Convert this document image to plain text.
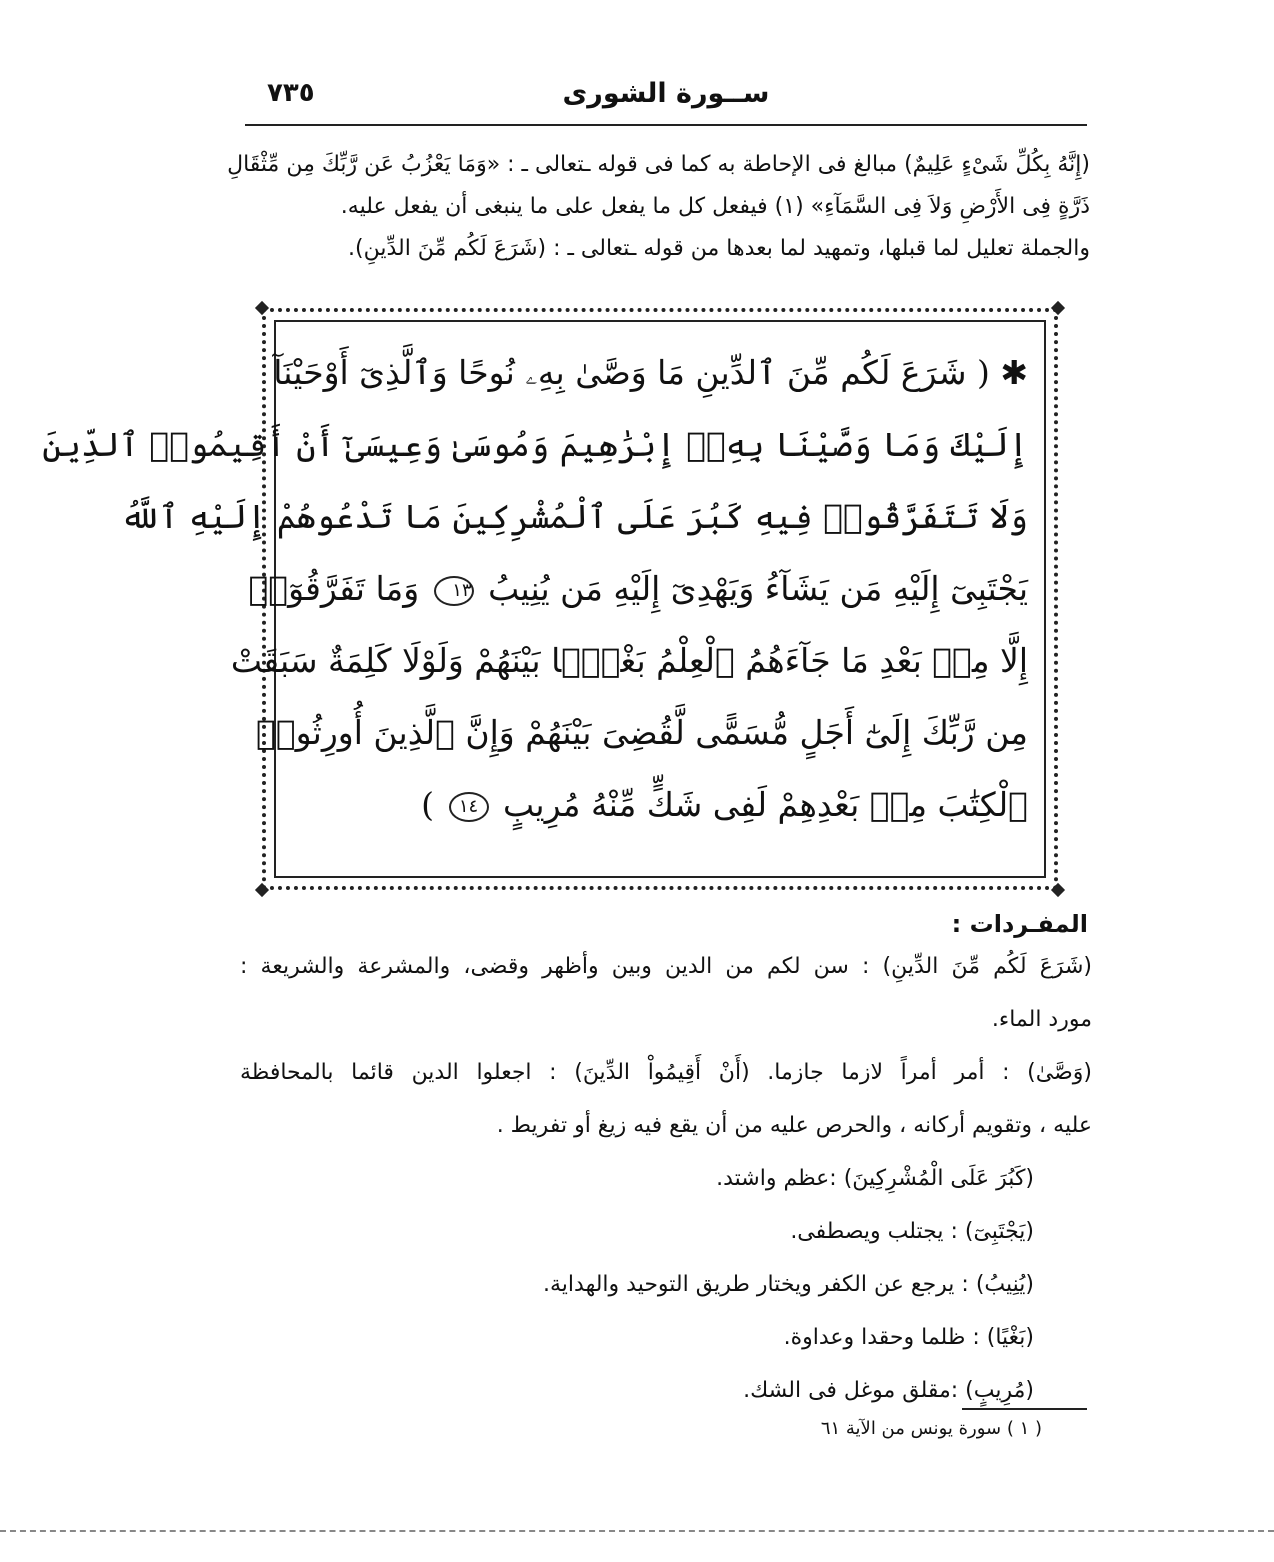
ســورة الشورى
٧٣٥
(إِنَّهُ بِكُلِّ شَىْءٍ عَلِيمٌ) مبالغ فى الإحاطة به كما فى قوله ـتعالى ـ : «وَمَا يَعْزُبُ عَن رَّبِّكَ مِن مِّثْقَالِ
ذَرَّةٍ فِى الأَرْضِ وَلاَ فِى السَّمَآءِ» (١) فيفعل كل ما يفعل على ما ينبغى أن يفعل عليه.
والجملة تعليل لما قبلها، وتمهيد لما بعدها من قوله ـتعالى ـ : (شَرَعَ لَكُم مِّنَ الدِّينِ).
✱ ( شَرَعَ لَكُم مِّنَ ٱلدِّينِ مَا وَصَّىٰ بِهِۦ نُوحًا وَٱلَّذِىٓ أَوْحَيْنَآ
إِلَيْكَ وَمَا وَصَّيْنَا بِهِۦٓ إِبْرَٰهِيمَ وَمُوسَىٰ وَعِيسَىٰٓ أَنْ أَقِيمُوا۟ ٱلدِّينَ
وَلَا تَتَفَرَّقُوا۟ فِيهِ كَبُرَ عَلَى ٱلْمُشْرِكِينَ مَا تَدْعُوهُمْ إِلَيْهِ ٱللَّهُ
يَجْتَبِىٓ إِلَيْهِ مَن يَشَآءُ وَيَهْدِىٓ إِلَيْهِ مَن يُنِيبُ ١٣ وَمَا تَفَرَّقُوٓا۟
إِلَّا مِنۢ بَعْدِ مَا جَآءَهُمُ ٱلْعِلْمُ بَغْيًۢا بَيْنَهُمْ وَلَوْلَا كَلِمَةٌ سَبَقَتْ
مِن رَّبِّكَ إِلَىٰٓ أَجَلٍ مُّسَمًّى لَّقُضِىَ بَيْنَهُمْ وَإِنَّ ٱلَّذِينَ أُورِثُوا۟
ٱلْكِتَٰبَ مِنۢ بَعْدِهِمْ لَفِى شَكٍّ مِّنْهُ مُرِيبٍ ١٤ )
المفـردات :
(شَرَعَ لَكُم مِّنَ الدِّينِ) : سن لكم من الدين وبين وأظهر وقضى، والمشرعة والشريعة :
مورد الماء.
(وَصَّىٰ) : أمر أمراً لازما جازما. (أَنْ أَقِيمُواْ الدِّينَ) : اجعلوا الدين قائما بالمحافظة
عليه ، وتقويم أركانه ، والحرص عليه من أن يقع فيه زيغ أو تفريط .
(كَبُرَ عَلَى الْمُشْرِكِينَ) :عظم واشتد.
(يَجْتَبِىٓ) : يجتلب ويصطفى.
(يُنِيبُ) : يرجع عن الكفر ويختار طريق التوحيد والهداية.
(بَغْيًا) : ظلما وحقدا وعداوة.
(مُرِيبٍ) :مقلق موغل فى الشك.
( ١ ) سورة يونس من الآية ٦١
